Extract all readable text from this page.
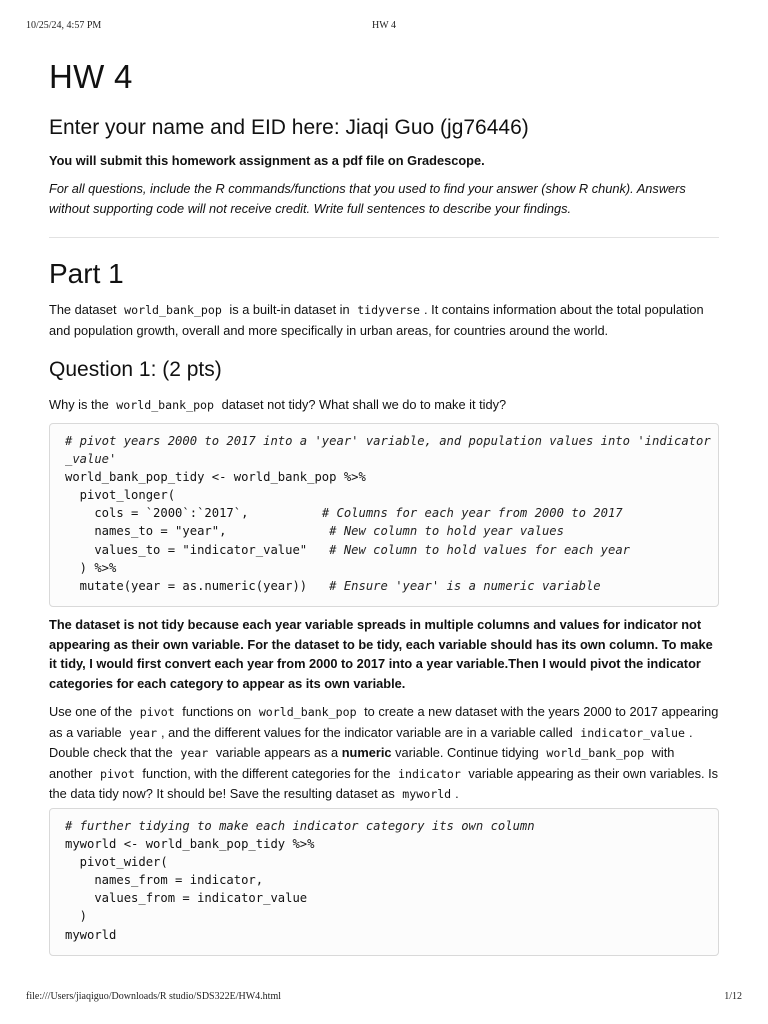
10/25/24, 4:57 PM	HW 4
HW 4
Enter your name and EID here: Jiaqi Guo (jg76446)

You will submit this homework assignment as a pdf file on Gradescope.

For all questions, include the R commands/functions that you used to find your answer (show R chunk). Answers without supporting code will not receive credit. Write full sentences to describe your findings.

Part 1

The dataset world_bank_pop is a built-in dataset in tidyverse . It contains information about the total population and population growth, overall and more specifically in urban areas, for countries around the world.

Question 1: (2 pts)

Why is the world_bank_pop dataset not tidy? What shall we do to make it tidy?

# pivot years 2000 to 2017 into a 'year' variable, and population values into 'indicator
_value'
world_bank_pop_tidy <- world_bank_pop %>%
pivot_longer(
cols = `2000`:`2017`,          # Columns for each year from 2000 to 2017
names_to = "year",              # New column to hold year values
values_to = "indicator_value"   # New column to hold values for each year
) %>%
mutate(year = as.numeric(year))   # Ensure 'year' is a numeric variable

The dataset is not tidy because each year variable spreads in multiple columns and values for indicator not appearing as their own variable. For the dataset to be tidy, each variable should has its own column. To make it tidy, I would first convert each year from 2000 to 2017 into a year variable.Then I would pivot the indicator categories for each category to appear as its own variable.

Use one of the pivot functions on world_bank_pop to create a new dataset with the years 2000 to 2017 appearing as a variable year , and the different values for the indicator variable are in a variable called indicator_value . Double check that the year variable appears as a numeric variable. Continue tidying world_bank_pop with another pivot function, with the different categories for the indicator variable appearing as their own variables. Is the data tidy now? It should be! Save the resulting dataset as myworld .

# further tidying to make each indicator category its own column
myworld <- world_bank_pop_tidy %>%
pivot_wider(
names_from = indicator,
values_from = indicator_value
)
myworld
file:///Users/jiaqiguo/Downloads/R studio/SDS322E/HW4.html	1/12
